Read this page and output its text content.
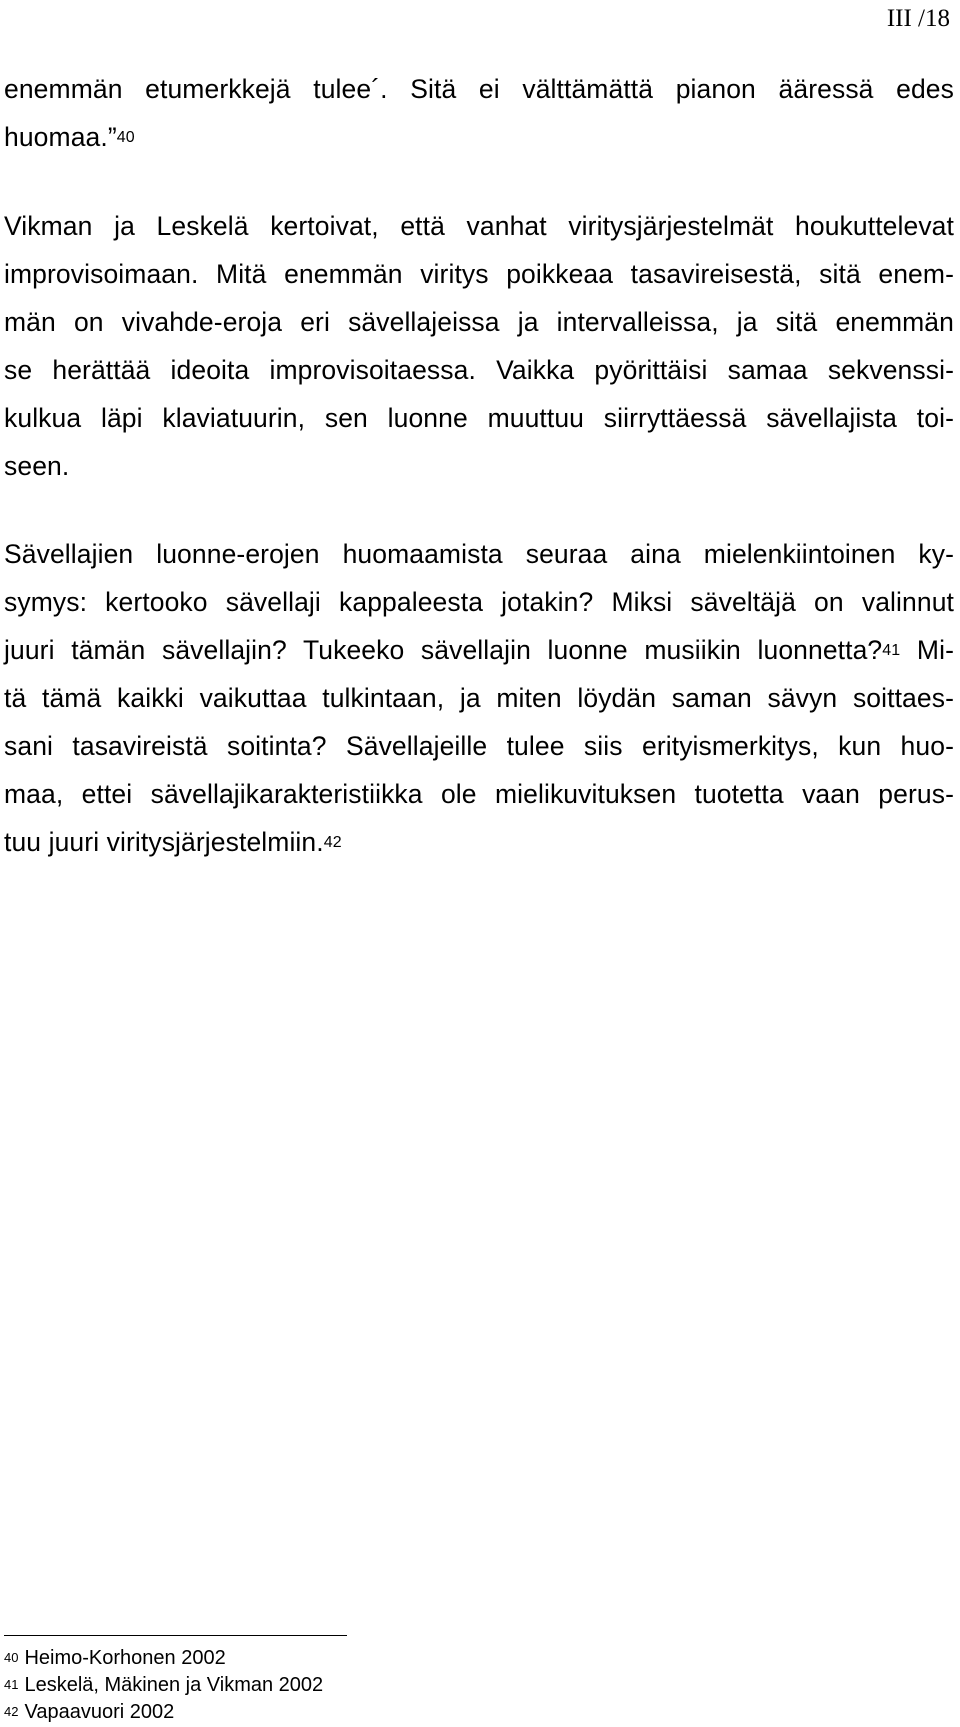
III /18
enemmän etumerkkejä tulee´. Sitä ei välttämättä pianon ääressä edes
huomaa.”$^{40}$
Vikman ja Leskelä kertoivat, että vanhat viritysjärjestelmät houkuttelevat
improvisoimaan. Mitä enemmän viritys poikkeaa tasavireisestä, sitä enem-
män on vivahde-eroja eri sävellajeissa ja intervalleissa, ja sitä enemmän
se herättää ideoita improvisoitaessa. Vaikka pyörittäisi samaa sekvenssi-
kulkua läpi klaviatuurin, sen luonne muuttuu siirryttäessä sävellajista toi-
seen.
Sävellajien luonne-erojen huomaamista seuraa aina mielenkiintoinen ky-
symys: kertooko sävellaji kappaleesta jotakin? Miksi säveltäjä on valinnut
juuri tämän sävellajin? Tukeeko sävellajin luonne musiikin luonnetta?$^{41}$ Mi-
tä tämä kaikki vaikuttaa tulkintaan, ja miten löydän saman sävyn soittaes-
sani tasavireistä soitinta? Sävellajeille tulee siis erityismerkitys, kun huo-
maa, ettei sävellajikarakteristiikka ole mielikuvituksen tuotetta vaan perus-
tuu juuri viritysjärjestelmiin.$^{42}$
$^{40}$ Heimo-Korhonen 2002
$^{41}$ Leskelä, Mäkinen ja Vikman 2002
$^{42}$ Vapaavuori 2002
